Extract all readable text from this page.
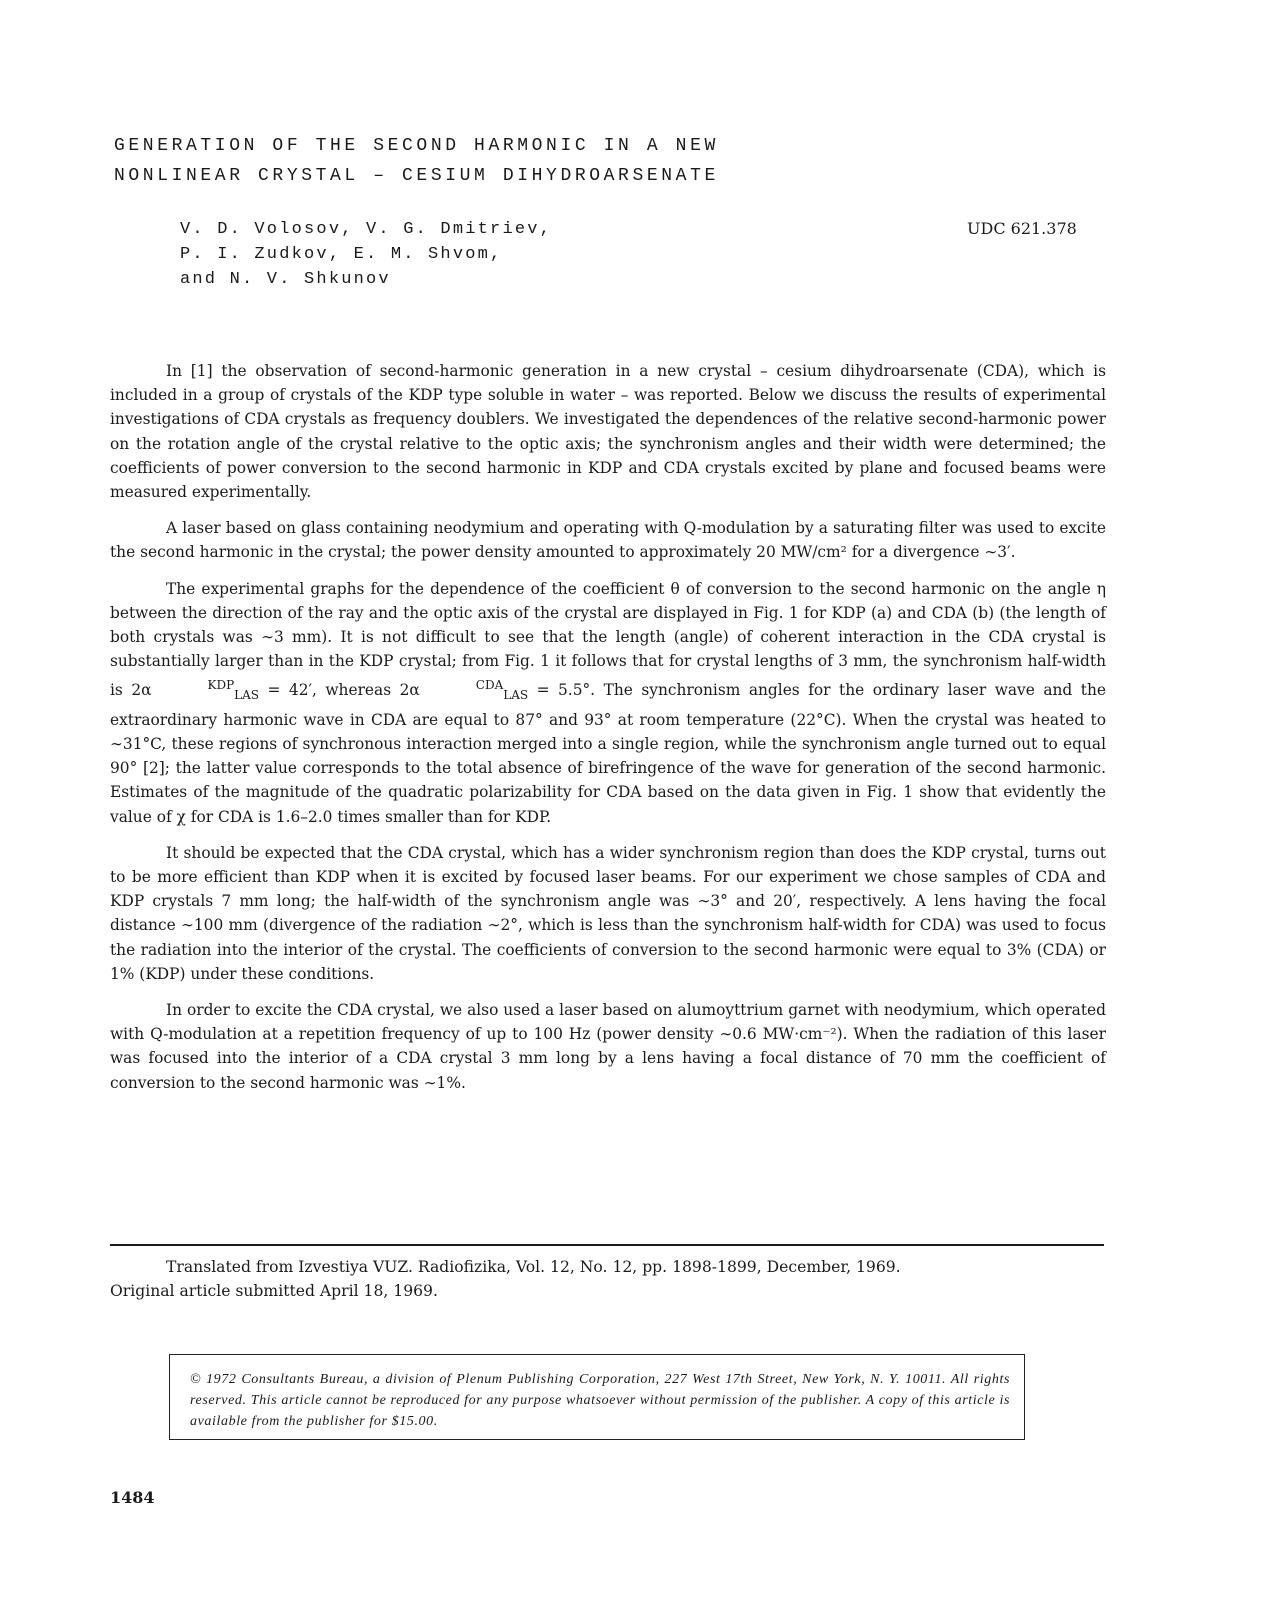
GENERATION OF THE SECOND HARMONIC IN A NEW
NONLINEAR CRYSTAL – CESIUM DIHYDROARSENATE
V. D. Volosov, V. G. Dmitriev,
P. I. Zudkov, E. M. Shvom,
and N. V. Shkunov
UDC 621.378

In [1] the observation of second-harmonic generation in a new crystal – cesium dihydroarsenate (CDA), which is included in a group of crystals of the KDP type soluble in water – was reported. Below we discuss the results of experimental investigations of CDA crystals as frequency doublers. We investigated the dependences of the relative second-harmonic power on the rotation angle of the crystal relative to the optic axis; the synchronism angles and their width were determined; the coefficients of power conversion to the second harmonic in KDP and CDA crystals excited by plane and focused beams were measured experimentally.

A laser based on glass containing neodymium and operating with Q-modulation by a saturating filter was used to excite the second harmonic in the crystal; the power density amounted to approximately 20 MW/cm² for a divergence ∼3′.

The experimental graphs for the dependence of the coefficient θ of conversion to the second harmonic on the angle η between the direction of the ray and the optic axis of the crystal are displayed in Fig. 1 for KDP (a) and CDA (b) (the length of both crystals was ∼3 mm). It is not difficult to see that the length (angle) of coherent interaction in the CDA crystal is substantially larger than in the KDP crystal; from Fig. 1 it follows that for crystal lengths of 3 mm, the synchronism half-width is 2α	$^{KDP}_{LAS}$ = 42′, whereas 2α	$^{CDA}_{LAS}$ = 5.5°. The synchronism angles for the ordinary laser wave and the extraordinary harmonic wave in CDA are equal to 87° and 93° at room temperature (22°C). When the crystal was heated to ∼31°C, these regions of synchronous interaction merged into a single region, while the synchronism angle turned out to equal 90° [2]; the latter value corresponds to the total absence of birefringence of the wave for generation of the second harmonic. Estimates of the magnitude of the quadratic polarizability for CDA based on the data given in Fig. 1 show that evidently the value of χ for CDA is 1.6–2.0 times smaller than for KDP.

It should be expected that the CDA crystal, which has a wider synchronism region than does the KDP crystal, turns out to be more efficient than KDP when it is excited by focused laser beams. For our experiment we chose samples of CDA and KDP crystals 7 mm long; the half-width of the synchronism angle was ∼3° and 20′, respectively. A lens having the focal distance ∼100 mm (divergence of the radiation ∼2°, which is less than the synchronism half-width for CDA) was used to focus the radiation into the interior of the crystal. The coefficients of conversion to the second harmonic were equal to 3% (CDA) or 1% (KDP) under these conditions.

In order to excite the CDA crystal, we also used a laser based on alumoyttrium garnet with neodymium, which operated with Q-modulation at a repetition frequency of up to 100 Hz (power density ∼0.6 MW·cm⁻²). When the radiation of this laser was focused into the interior of a CDA crystal 3 mm long by a lens having a focal distance of 70 mm the coefficient of conversion to the second harmonic was ∼1%.

Translated from Izvestiya VUZ. Radiofizika, Vol. 12, No. 12, pp. 1898-1899, December, 1969.
Original article submitted April 18, 1969.
© 1972 Consultants Bureau, a division of Plenum Publishing Corporation, 227 West 17th Street, New York, N. Y. 10011. All rights reserved. This article cannot be reproduced for any purpose whatsoever without permission of the publisher. A copy of this article is available from the publisher for $15.00.
1484
